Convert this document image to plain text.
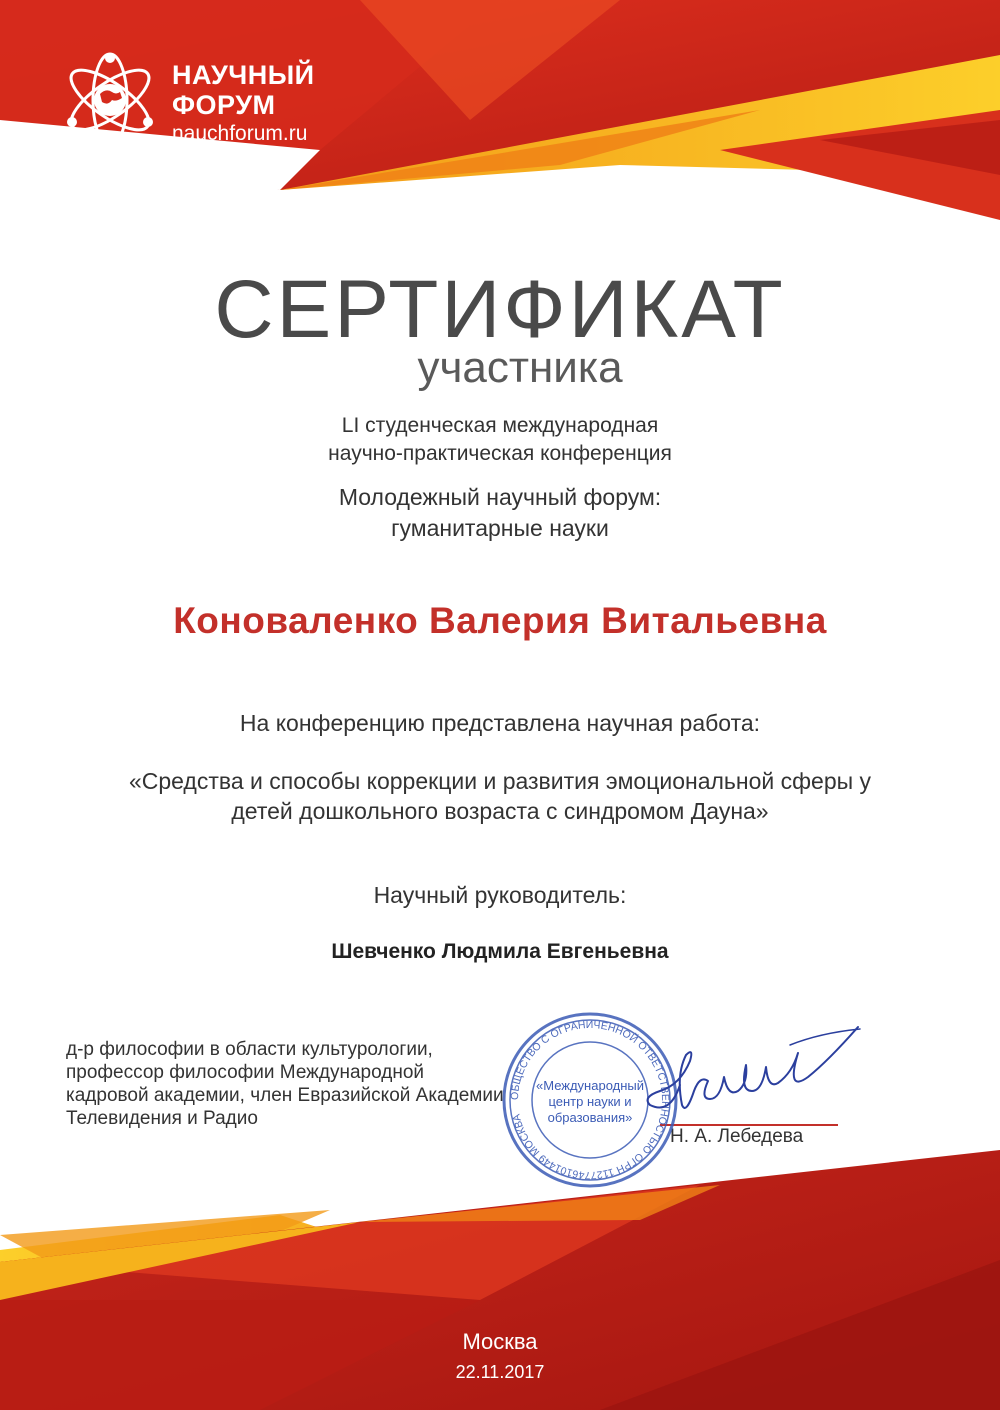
НАУЧНЫЙ
ФОРУМ
nauchforum.ru
СЕРТИФИКАТ
участника
LI студенческая международная
научно-практическая конференция
Молодежный научный форум:
гуманитарные науки
Коноваленко Валерия Витальевна
На конференцию представлена научная работа:
«Средства и способы коррекции и развития эмоциональной сферы у
детей дошкольного возраста с синдромом Дауна»
Научный руководитель:
Шевченко Людмила Евгеньевна
д-р философии в области культурологии,
профессор философии Международной
кадровой академии, член Евразийской Академии
Телевидения и Радио
ОБЩЕСТВО С ОГРАНИЧЕННОЙ ОТВЕТСТВЕННОСТЬЮ ОГРН 1127746101449 МОСКВА
«Международный
центр науки и
образования»
Н. А. Лебедева
Москва
22.11.2017
